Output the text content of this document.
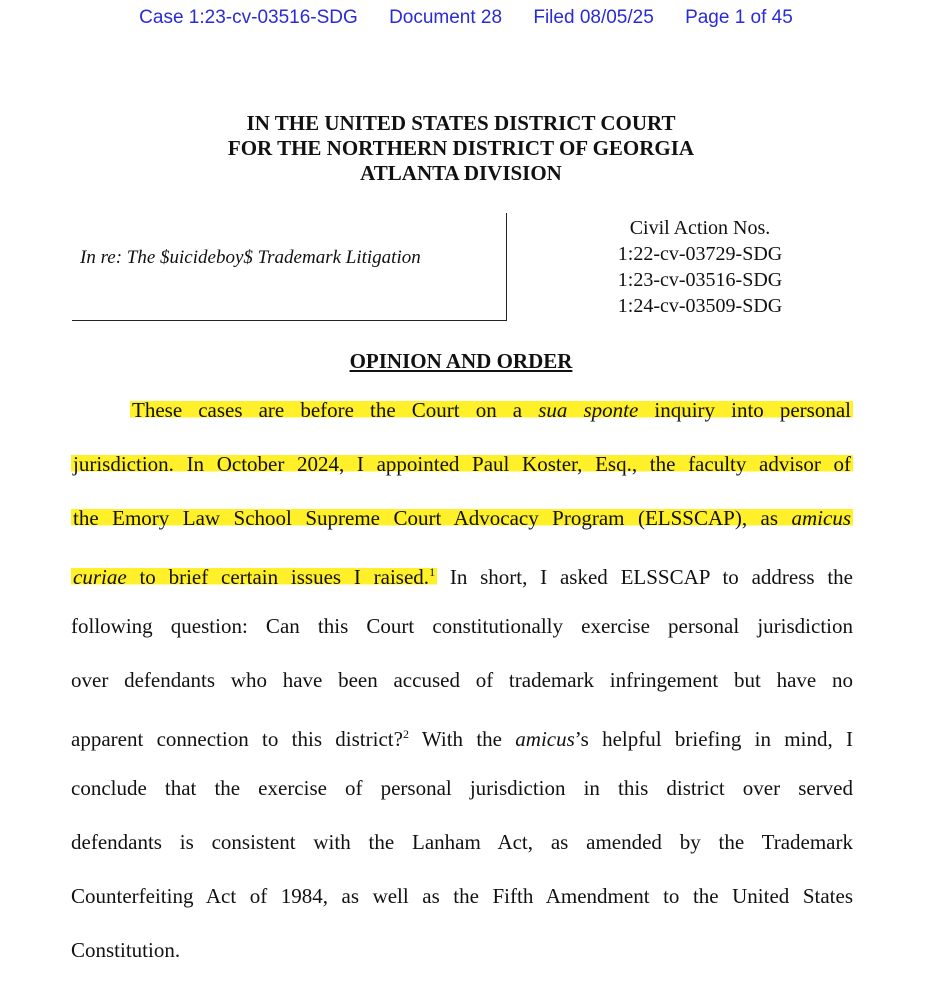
Case 1:23-cv-03516-SDG Document 28 Filed 08/05/25 Page 1 of 45
IN THE UNITED STATES DISTRICT COURT
FOR THE NORTHERN DISTRICT OF GEORGIA
ATLANTA DIVISION
In re: The $uicideboy$ Trademark Litigation
Civil Action Nos.
1:22-cv-03729-SDG
1:23-cv-03516-SDG
1:24-cv-03509-SDG
OPINION AND ORDER
These cases are before the Court on a sua sponte inquiry into personal
jurisdiction. In October 2024, I appointed Paul Koster, Esq., the faculty advisor of
the Emory Law School Supreme Court Advocacy Program (ELSSCAP), as amicus
curiae to brief certain issues I raised.$^1$ In short, I asked ELSSCAP to address the
following question: Can this Court constitutionally exercise personal jurisdiction
over defendants who have been accused of trademark infringement but have no
apparent connection to this district?$^2$ With the amicus’s helpful briefing in mind, I
conclude that the exercise of personal jurisdiction in this district over served
defendants is consistent with the Lanham Act, as amended by the Trademark
Counterfeiting Act of 1984, as well as the Fifth Amendment to the United States
Constitution.
